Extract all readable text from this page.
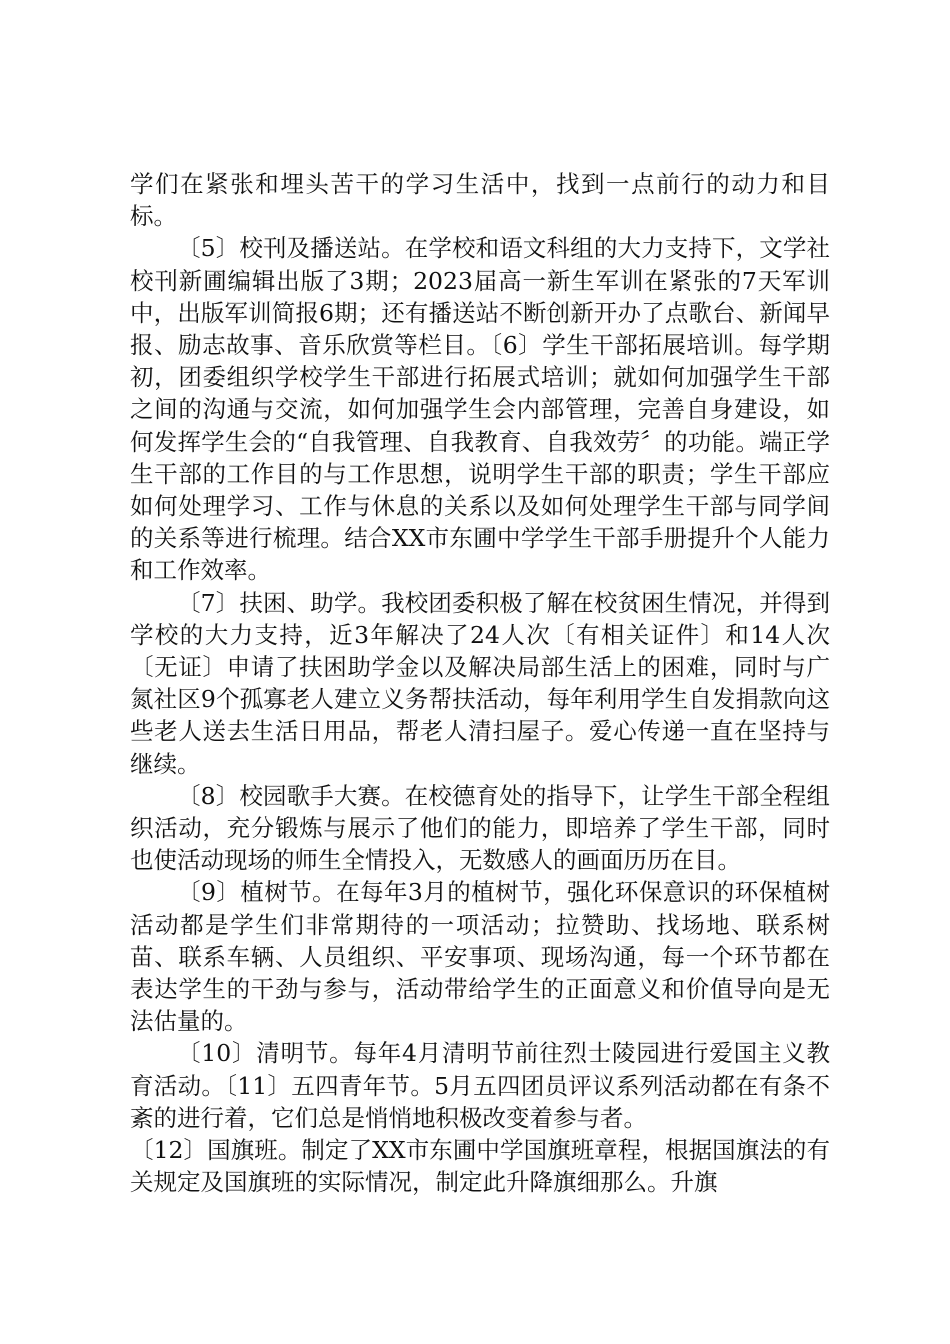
学们在紧张和埋头苦干的学习生活中，找到一点前行的动力和目标。

〔5〕校刊及播送站。在学校和语文科组的大力支持下，文学社校刊新圃编辑出版了3期；2023届高一新生军训在紧张的7天军训中，出版军训简报6期；还有播送站不断创新开办了点歌台、新闻早报、励志故事、音乐欣赏等栏目。〔6〕学生干部拓展培训。每学期初，团委组织学校学生干部进行拓展式培训；就如何加强学生干部之间的沟通与交流，如何加强学生会内部管理，完善自身建设，如何发挥学生会的“自我管理、自我教育、自我效劳〞的功能。端正学生干部的工作目的与工作思想，说明学生干部的职责；学生干部应如何处理学习、工作与休息的关系以及如何处理学生干部与同学间的关系等进行梳理。结合XX市东圃中学学生干部手册提升个人能力和工作效率。

〔7〕扶困、助学。我校团委积极了解在校贫困生情况，并得到学校的大力支持，近3年解决了24人次〔有相关证件〕和14人次〔无证〕申请了扶困助学金以及解决局部生活上的困难，同时与广氮社区9个孤寡老人建立义务帮扶活动，每年利用学生自发捐款向这些老人送去生活日用品，帮老人清扫屋子。爱心传递一直在坚持与继续。

〔8〕校园歌手大赛。在校德育处的指导下，让学生干部全程组织活动，充分锻炼与展示了他们的能力，即培养了学生干部，同时也使活动现场的师生全情投入，无数感人的画面历历在目。

〔9〕植树节。在每年3月的植树节，强化环保意识的环保植树活动都是学生们非常期待的一项活动；拉赞助、找场地、联系树苗、联系车辆、人员组织、平安事项、现场沟通，每一个环节都在表达学生的干劲与参与，活动带给学生的正面意义和价值导向是无法估量的。

〔10〕清明节。每年4月清明节前往烈士陵园进行爱国主义教育活动。〔11〕五四青年节。5月五四团员评议系列活动都在有条不紊的进行着，它们总是悄悄地积极改变着参与者。

〔12〕国旗班。制定了XX市东圃中学国旗班章程，根据国旗法的有关规定及国旗班的实际情况，制定此升降旗细那么。升旗
